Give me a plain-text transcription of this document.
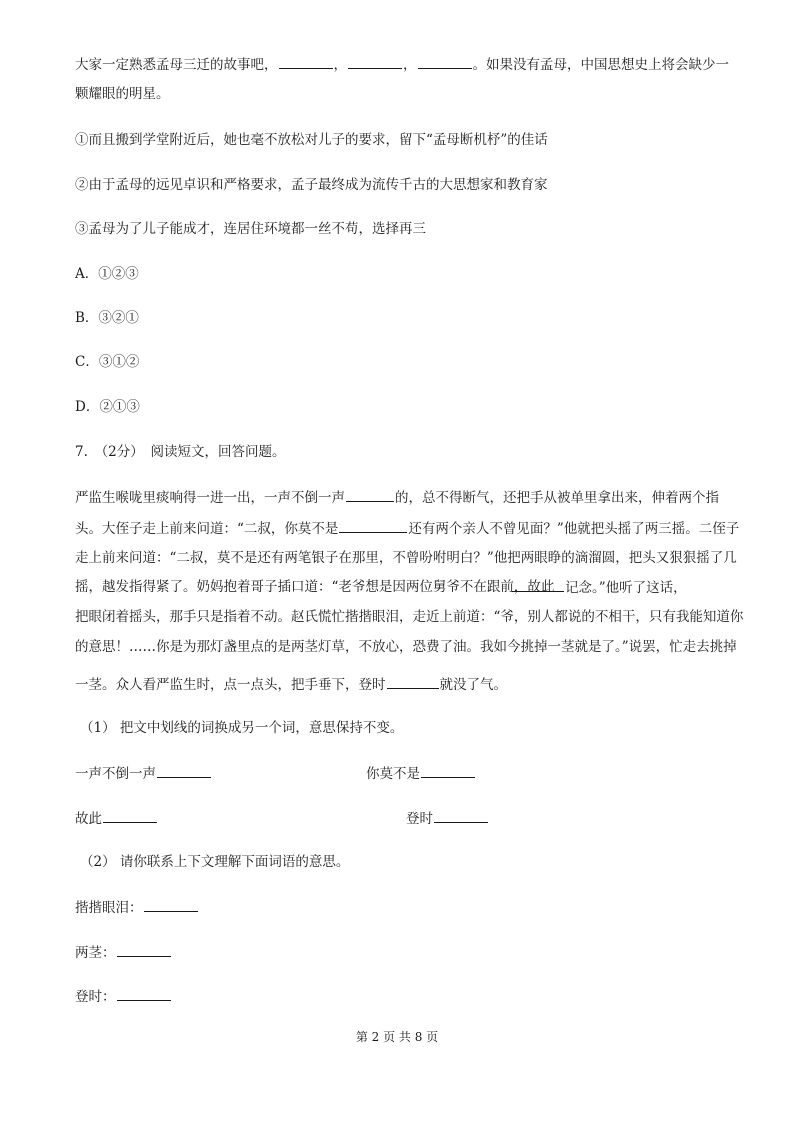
大家一定熟悉孟母三迁的故事吧，	，	，	。如果没有孟母，中国思想史上将会缺少一
颗耀眼的明星。
①而且搬到学堂附近后，她也毫不放松对儿子的要求，留下“孟母断机杼”的佳话
②由于孟母的远见卓识和严格要求，孟子最终成为流传千古的大思想家和教育家
③孟母为了儿子能成才，连居住环境都一丝不苟，选择再三
A．①②③
B．③②①
C．③①②
D．②①③
7.　（2分）　阅读短文，回答问题。
严监生喉咙里痰响得一进一出，一声不倒一声	的，总不得断气，还把手从被单里拿出来，伸着两个指
头。大侄子走上前来问道：“二叔，你莫不是	还有两个亲人不曾见面？”他就把头摇了两三摇。二侄子
走上前来问道：“二叔，莫不是还有两笔银子在那里，不曾吩咐明白？”他把两眼睁的滴溜圆，把头又狠狠摇了几
摇，越发指得紧了。奶妈抱着哥子插口道：“老爷想是因两位舅爷不在跟前，故此 记念。”他听了这话，
把眼闭着摇头，那手只是指着不动。赵氏慌忙揩揩眼泪，走近上前道：“爷，别人都说的不相干，只有我能知道你
的意思！……你是为那灯盏里点的是两茎灯草，不放心，恐费了油。我如今挑掉一茎就是了。”说罢，忙走去挑掉
一茎。众人看严监生时，点一点头，把手垂下，登时	就没了气。
（1） 把文中划线的词换成另一个词，意思保持不变。
一声不倒一声	你莫不是
故此	登时
（2） 请你联系上下文理解下面词语的意思。
揩揩眼泪：
两茎：
登时：
第 2 页 共 8 页
